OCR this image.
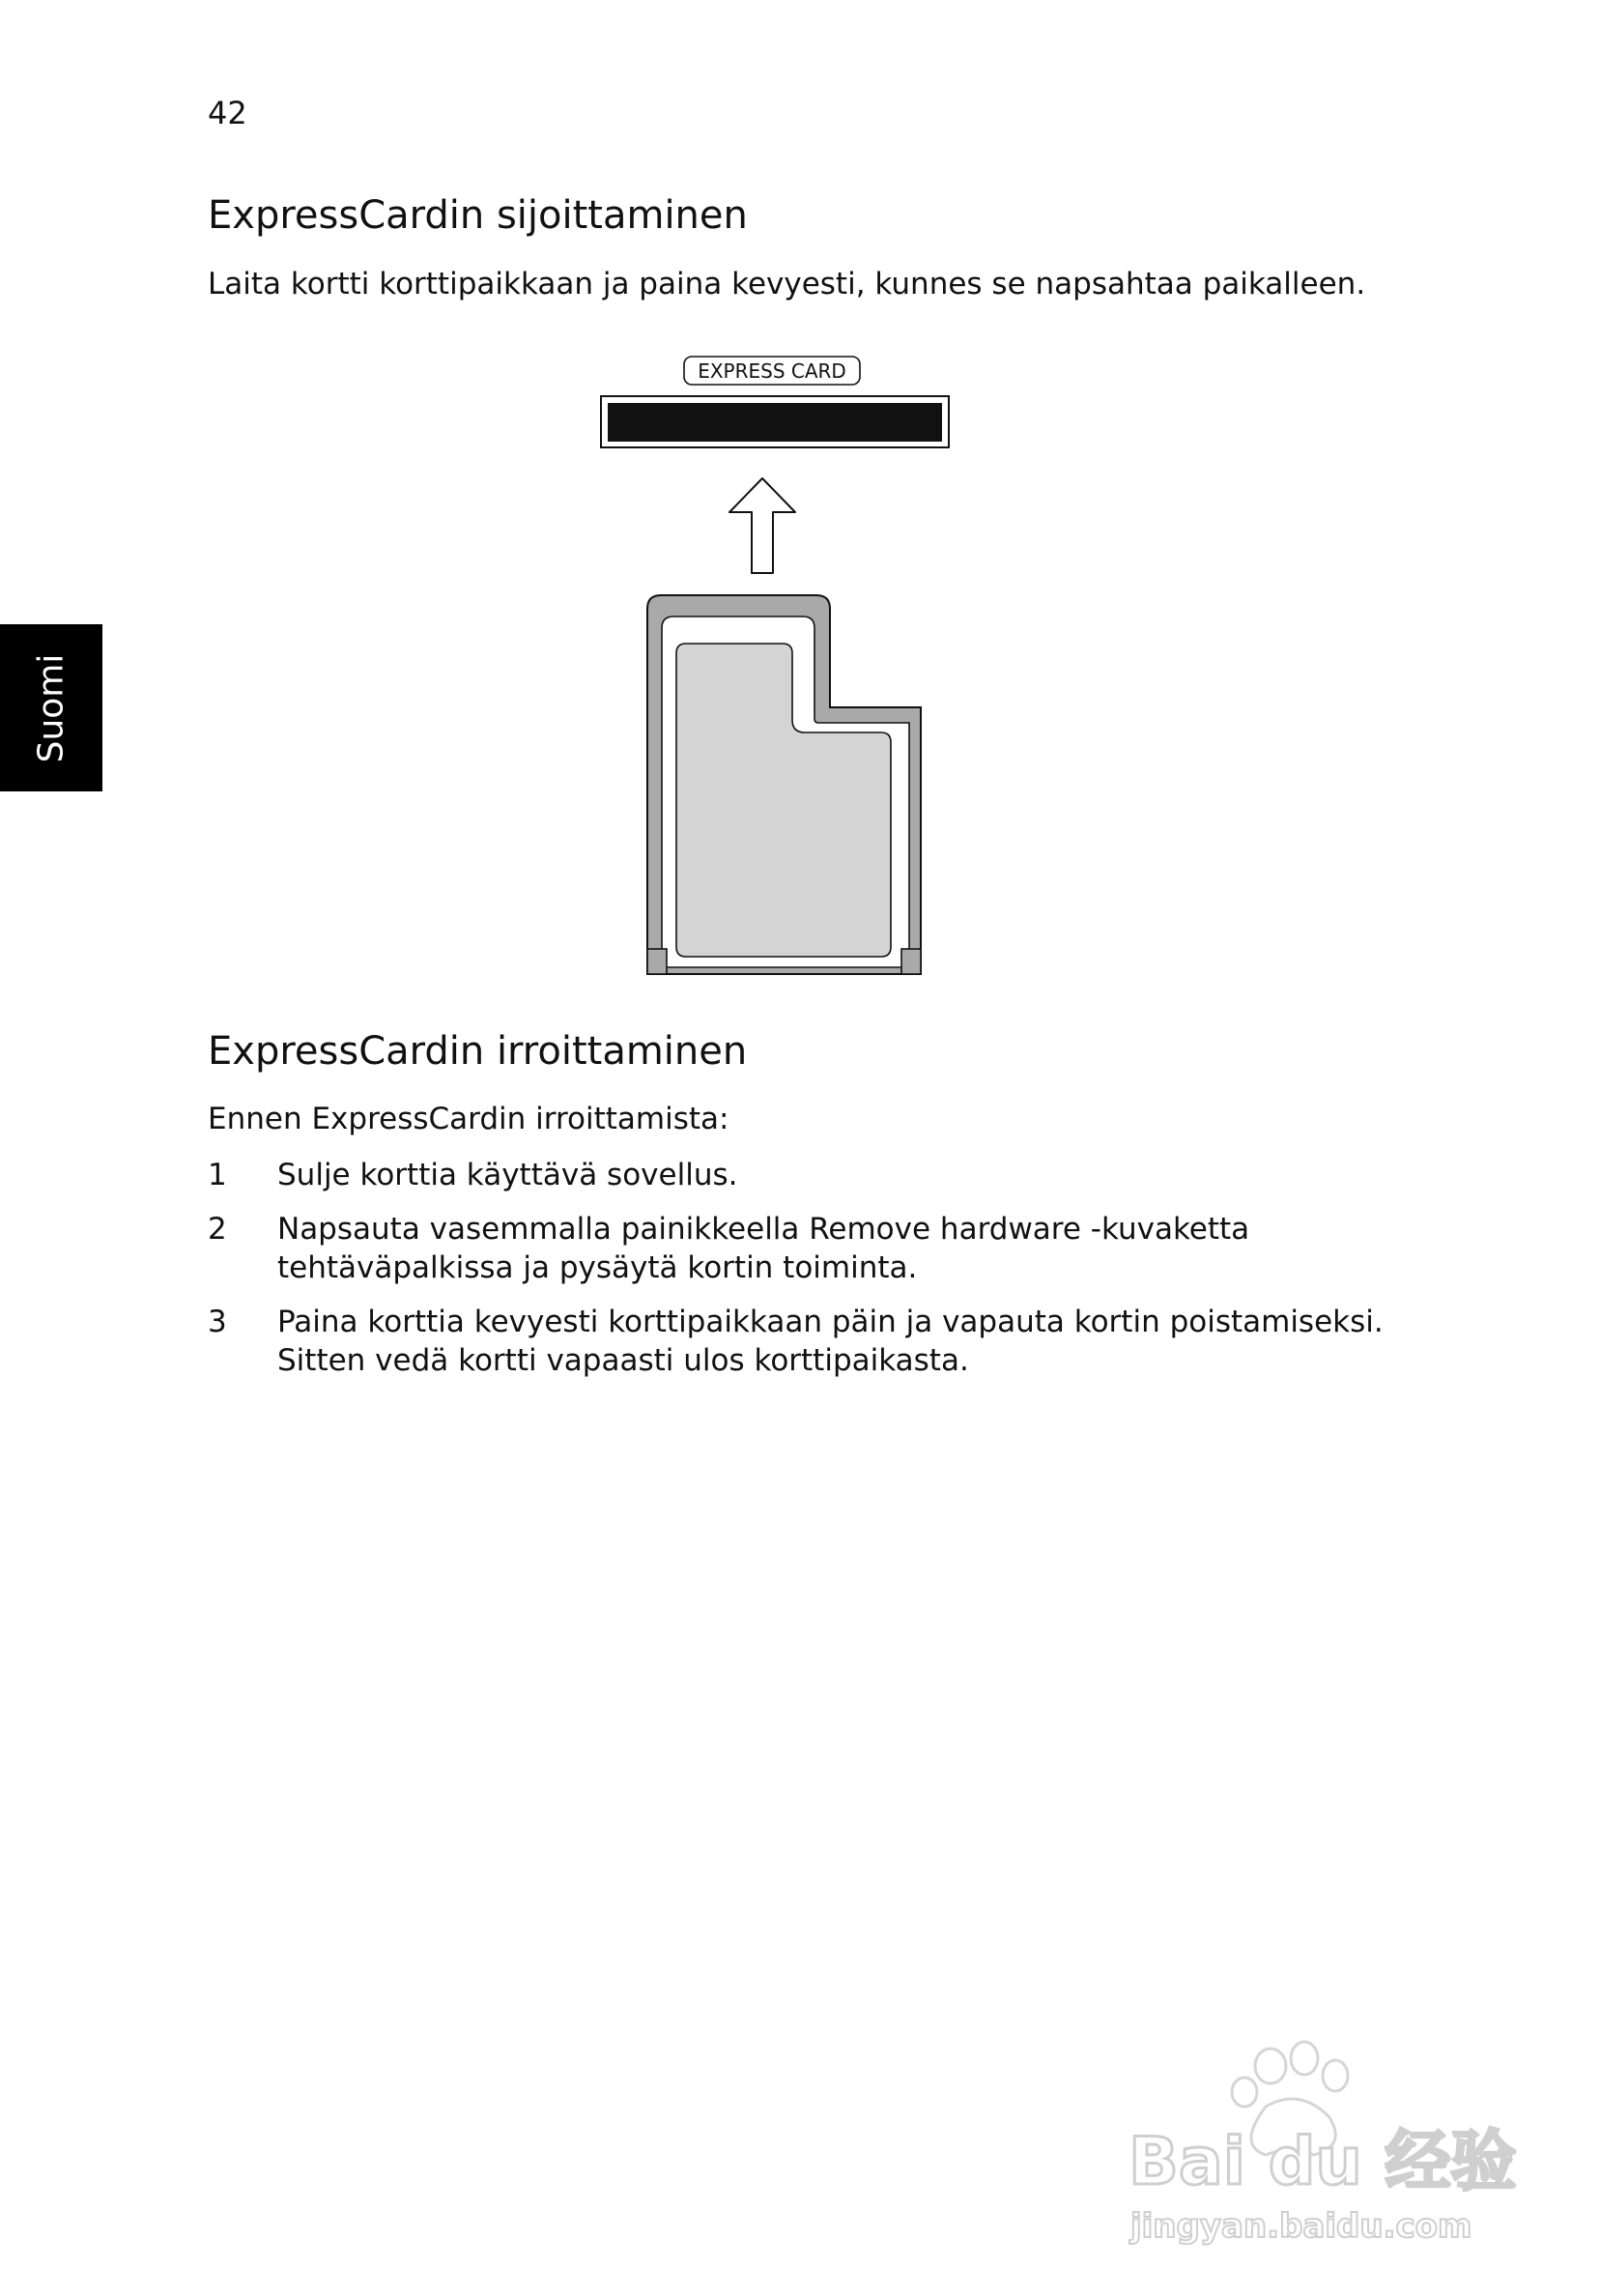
42
Suomi
ExpressCardin sijoittaminen

Laita kortti korttipaikkaan ja paina kevyesti, kunnes se napsahtaa paikalleen.

EXPRESS CARD
ExpressCardin irroittaminen

Ennen ExpressCardin irroittamista:

1 Sulje korttia käyttävä sovellus.
2 Napsauta vasemmalla painikkeella Remove hardware -kuvaketta
tehtäväpalkissa ja pysäytä kortin toiminta.
3 Paina korttia kevyesti korttipaikkaan päin ja vapauta kortin poistamiseksi.
Sitten vedä kortti vapaasti ulos korttipaikasta.
Bai du 经验
jingyan.baidu.com
